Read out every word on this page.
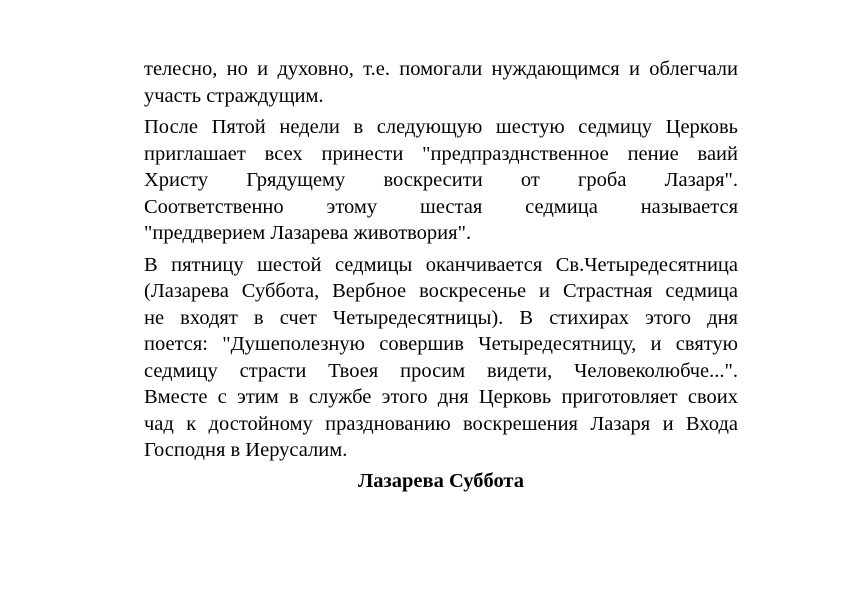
телесно, но и духовно, т.е. помогали нуждающимся и облегчали
участь страждущим.

После Пятой недели в следующую шестую седмицу Церковь
приглашает всех принести "предпразднственное пение ваий
Христу Грядущему воскресити от гроба Лазаря".
Соответственно этому шестая седмица называется
"преддверием Лазарева животвория".

В пятницу шестой седмицы оканчивается Св.Четыредесятница
(Лазарева Суббота, Вербное воскресенье и Страстная седмица
не входят в счет Четыредесятницы). В стихирах этого дня
поется: "Душеполезную совершив Четыредесятницу, и святую
седмицу страсти Твоея просим видети, Человеколюбче...".
Вместе с этим в службе этого дня Церковь приготовляет своих
чад к достойному празднованию воскрешения Лазаря и Входа
Господня в Иерусалим.

Лазарева Суббота
